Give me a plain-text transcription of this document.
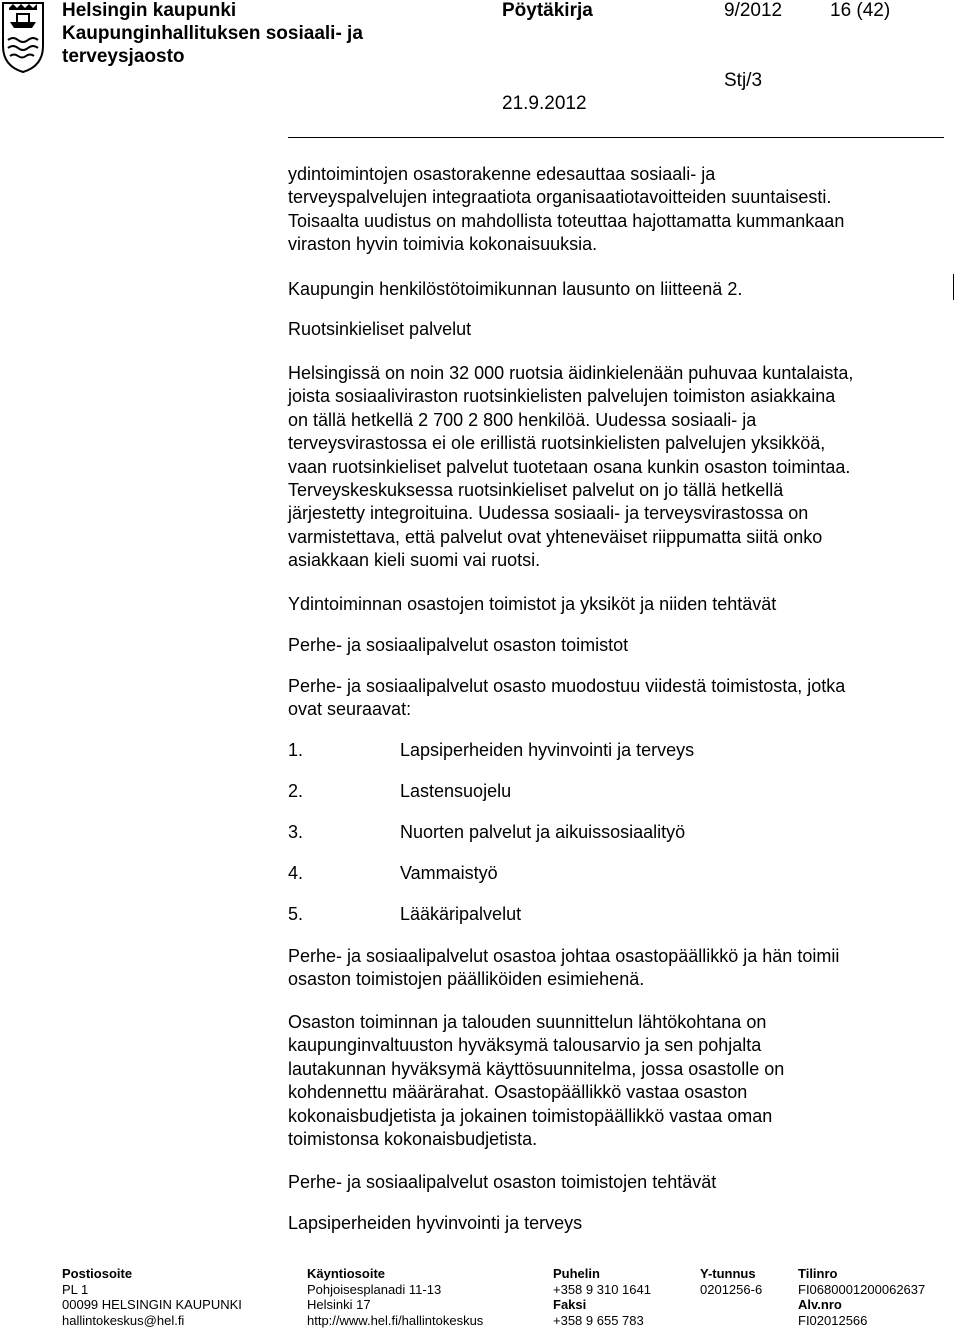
Helsingin kaupunki
Kaupunginhallituksen sosiaali- ja
terveysjaosto
Pöytäkirja	9/2012	16 (42)
Stj/3
21.9.2012

ydintoimintojen osastorakenne edesauttaa sosiaali- ja

terveyspalvelujen integraatiota organisaatiotavoitteiden suuntaisesti.

Toisaalta uudistus on mahdollista toteuttaa hajottamatta kummankaan

viraston hyvin toimivia kokonaisuuksia.

Kaupungin henkilöstötoimikunnan lausunto on liitteenä 2.

Ruotsinkieliset palvelut

Helsingissä on noin 32 000 ruotsia äidinkielenään puhuvaa kuntalaista,

joista sosiaaliviraston ruotsinkielisten palvelujen toimiston asiakkaina

on tällä hetkellä 2 700 2 800 henkilöä. Uudessa sosiaali- ja

terveysvirastossa ei ole erillistä ruotsinkielisten palvelujen yksikköä,

vaan ruotsinkieliset palvelut tuotetaan osana kunkin osaston toimintaa.

Terveyskeskuksessa ruotsinkieliset palvelut on jo tällä hetkellä

järjestetty integroituina. Uudessa sosiaali- ja terveysvirastossa on

varmistettava, että palvelut ovat yhteneväiset riippumatta siitä onko

asiakkaan kieli suomi vai ruotsi.

Ydintoiminnan osastojen toimistot ja yksiköt ja niiden tehtävät

Perhe- ja sosiaalipalvelut osaston toimistot

Perhe- ja sosiaalipalvelut osasto muodostuu viidestä toimistosta, jotka

ovat seuraavat:

1.	Lapsiperheiden hyvinvointi ja terveys
2.	Lastensuojelu
3.	Nuorten palvelut ja aikuissosiaalityö
4.	Vammaistyö
5.	Lääkäripalvelut

Perhe- ja sosiaalipalvelut osastoa johtaa osastopäällikkö ja hän toimii

osaston toimistojen päälliköiden esimiehenä.

Osaston toiminnan ja talouden suunnittelun lähtökohtana on

kaupunginvaltuuston hyväksymä talousarvio ja sen pohjalta

lautakunnan hyväksymä käyttösuunnitelma, jossa osastolle on

kohdennettu määrärahat. Osastopäällikkö vastaa osaston

kokonaisbudjetista ja jokainen toimistopäällikkö vastaa oman

toimistonsa kokonaisbudjetista.

Perhe- ja sosiaalipalvelut osaston toimistojen tehtävät

Lapsiperheiden hyvinvointi ja terveys

Postiosoite
PL 1
00099 HELSINGIN KAUPUNKI
hallintokeskus@hel.fi
Käyntiosoite
Pohjoisesplanadi 11-13
Helsinki 17
http://www.hel.fi/hallintokeskus
Puhelin
+358 9 310 1641
Faksi
+358 9 655 783
Y-tunnus
0201256-6
Tilinro
FI0680001200062637
Alv.nro
FI02012566
